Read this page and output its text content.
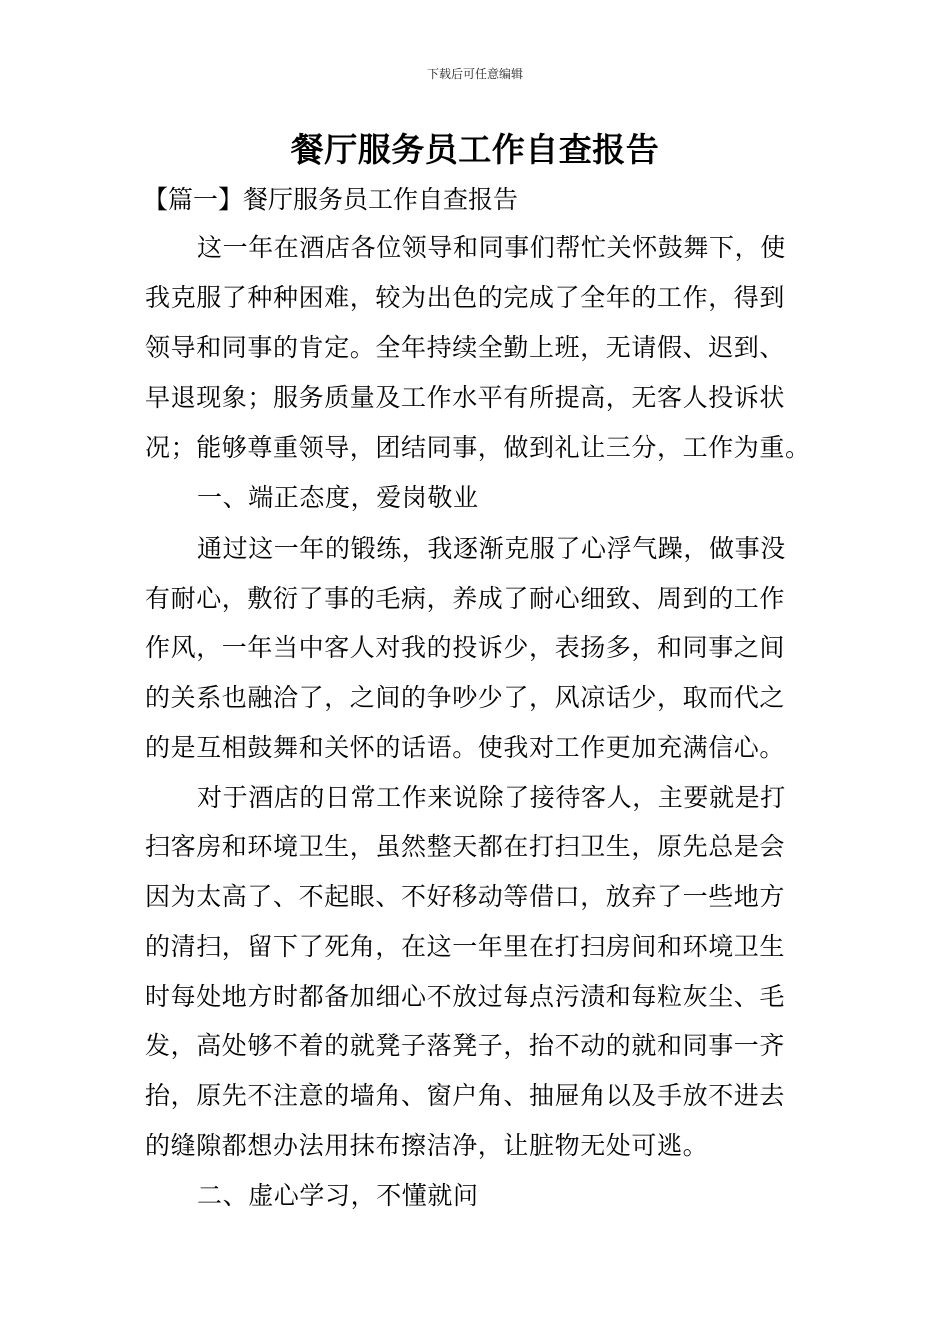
下载后可任意编辑
餐厅服务员工作自查报告
【篇一】餐厅服务员工作自查报告
这一年在酒店各位领导和同事们帮忙关怀鼓舞下，使
我克服了种种困难，较为出色的完成了全年的工作，得到
领导和同事的肯定。全年持续全勤上班，无请假、迟到、
早退现象；服务质量及工作水平有所提高，无客人投诉状
况；能够尊重领导，团结同事，做到礼让三分，工作为重。
一、端正态度，爱岗敬业
通过这一年的锻练，我逐渐克服了心浮气躁，做事没
有耐心，敷衍了事的毛病，养成了耐心细致、周到的工作
作风，一年当中客人对我的投诉少，表扬多，和同事之间
的关系也融洽了，之间的争吵少了，风凉话少，取而代之
的是互相鼓舞和关怀的话语。使我对工作更加充满信心。
对于酒店的日常工作来说除了接待客人，主要就是打
扫客房和环境卫生，虽然整天都在打扫卫生，原先总是会
因为太高了、不起眼、不好移动等借口，放弃了一些地方
的清扫，留下了死角，在这一年里在打扫房间和环境卫生
时每处地方时都备加细心不放过每点污渍和每粒灰尘、毛
发，高处够不着的就凳子落凳子，抬不动的就和同事一齐
抬，原先不注意的墙角、窗户角、抽屉角以及手放不进去
的缝隙都想办法用抹布擦洁净，让脏物无处可逃。
二、虚心学习，不懂就问
